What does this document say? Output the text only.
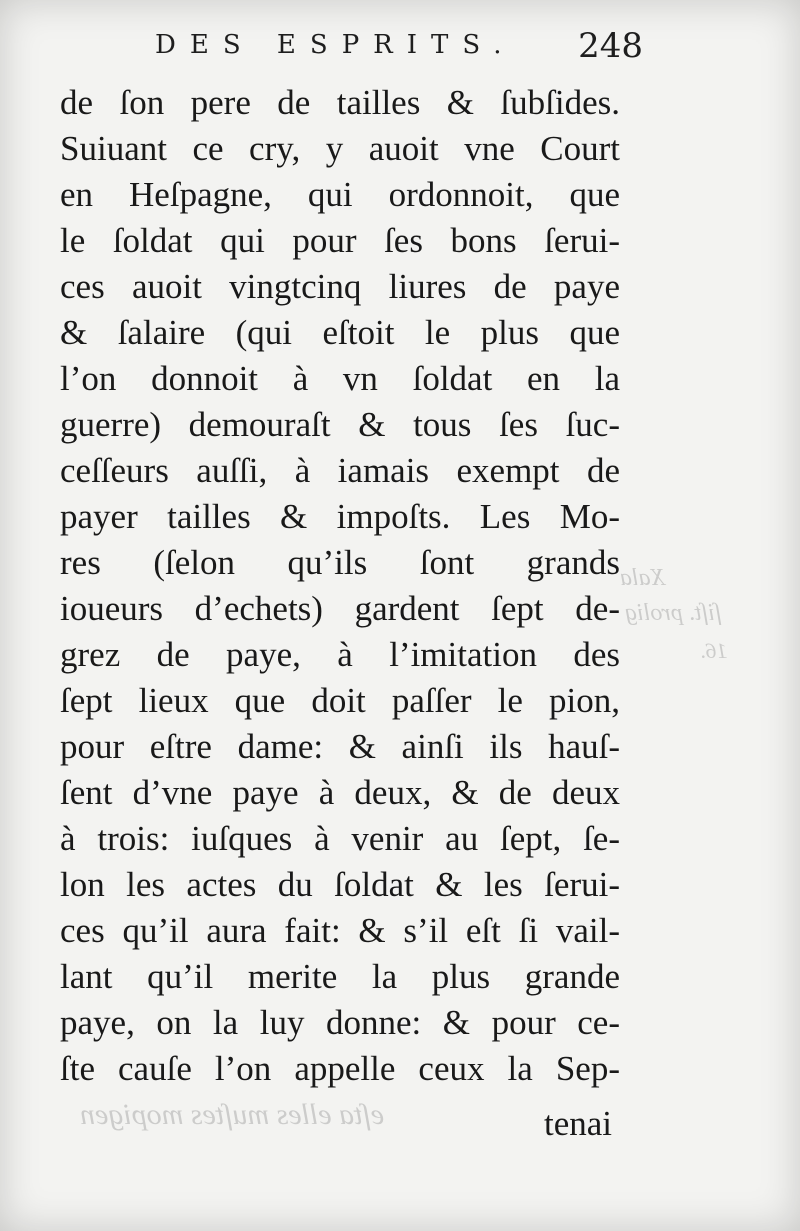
DES ESPRITS. 248
de ſon pere de tailles & ſubſides.
Suiuant ce cry, y auoit vne Court
en Heſpagne, qui ordonnoit, que
le ſoldat qui pour ſes bons ſerui-
ces auoit vingtcinq liures de paye
& ſalaire (qui eſtoit le plus que
l’on donnoit à vn ſoldat en la
guerre) demouraſt & tous ſes ſuc-
ceſſeurs auſſi, à iamais exempt de
payer tailles & impoſts. Les Mo-
res (ſelon qu’ils ſont grands
ioueurs d’echets) gardent ſept de-
grez de paye, à l’imitation des
ſept lieux que doit paſſer le pion,
pour eſtre dame: & ainſi ils hauſ-
ſent d’vne paye à deux, & de deux
à trois: iuſques à venir au ſept, ſe-
lon les actes du ſoldat & les ſerui-
ces qu’il aura fait: & s’il eſt ſi vail-
lant qu’il merite la plus grande
paye, on la luy donne: & pour ce-
ſte cauſe l’on appelle ceux la Sep-
tenai
Xala
ſiſt. prolig
16.
eſta elles muſtes mopigen
